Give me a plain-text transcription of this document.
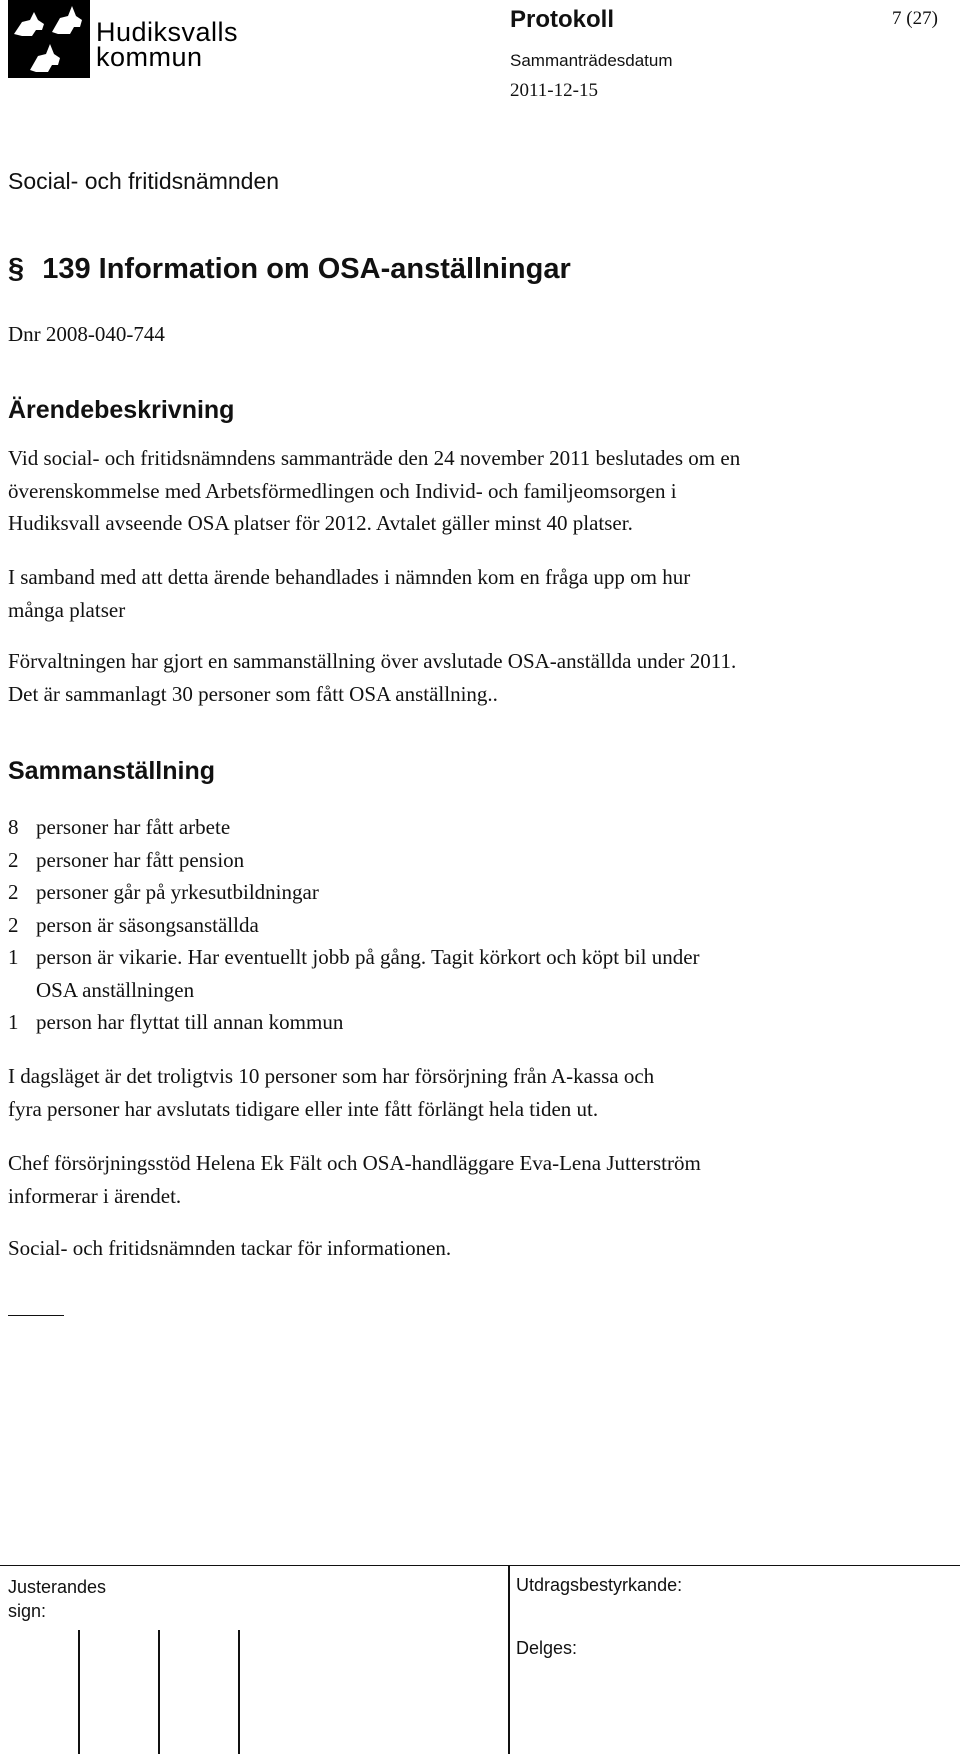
Hudiksvalls
kommun
Protokoll	7 (27)
Sammanträdesdatum
2011-12-15
Social- och fritidsnämnden
§ 139 Information om OSA-anställningar
Dnr 2008-040-744
Ärendebeskrivning
Vid social- och fritidsnämndens sammanträde den 24 november 2011 beslutades om en
överenskommelse med Arbetsförmedlingen och Individ- och familjeomsorgen i
Hudiksvall avseende OSA platser för 2012. Avtalet gäller minst 40 platser.
I samband med att detta ärende behandlades i nämnden kom en fråga upp om hur
många platser
Förvaltningen har gjort en sammanställning över avslutade OSA-anställda under 2011.
Det är sammanlagt 30 personer som fått OSA anställning..
Sammanställning
8 personer har fått arbete
2 personer har fått pension
2 personer går på yrkesutbildningar
2 person är säsongsanställda
1 person är vikarie. Har eventuellt jobb på gång. Tagit körkort och köpt bil under
OSA anställningen
1 person har flyttat till annan kommun
I dagsläget är det troligtvis 10 personer som har försörjning från A-kassa och
fyra personer har avslutats tidigare eller inte fått förlängt hela tiden ut.
Chef försörjningsstöd Helena Ek Fält och OSA-handläggare Eva-Lena Jutterström
informerar i ärendet.
Social- och fritidsnämnden tackar för informationen.
Justerandes
sign:
Utdragsbestyrkande:
Delges:
